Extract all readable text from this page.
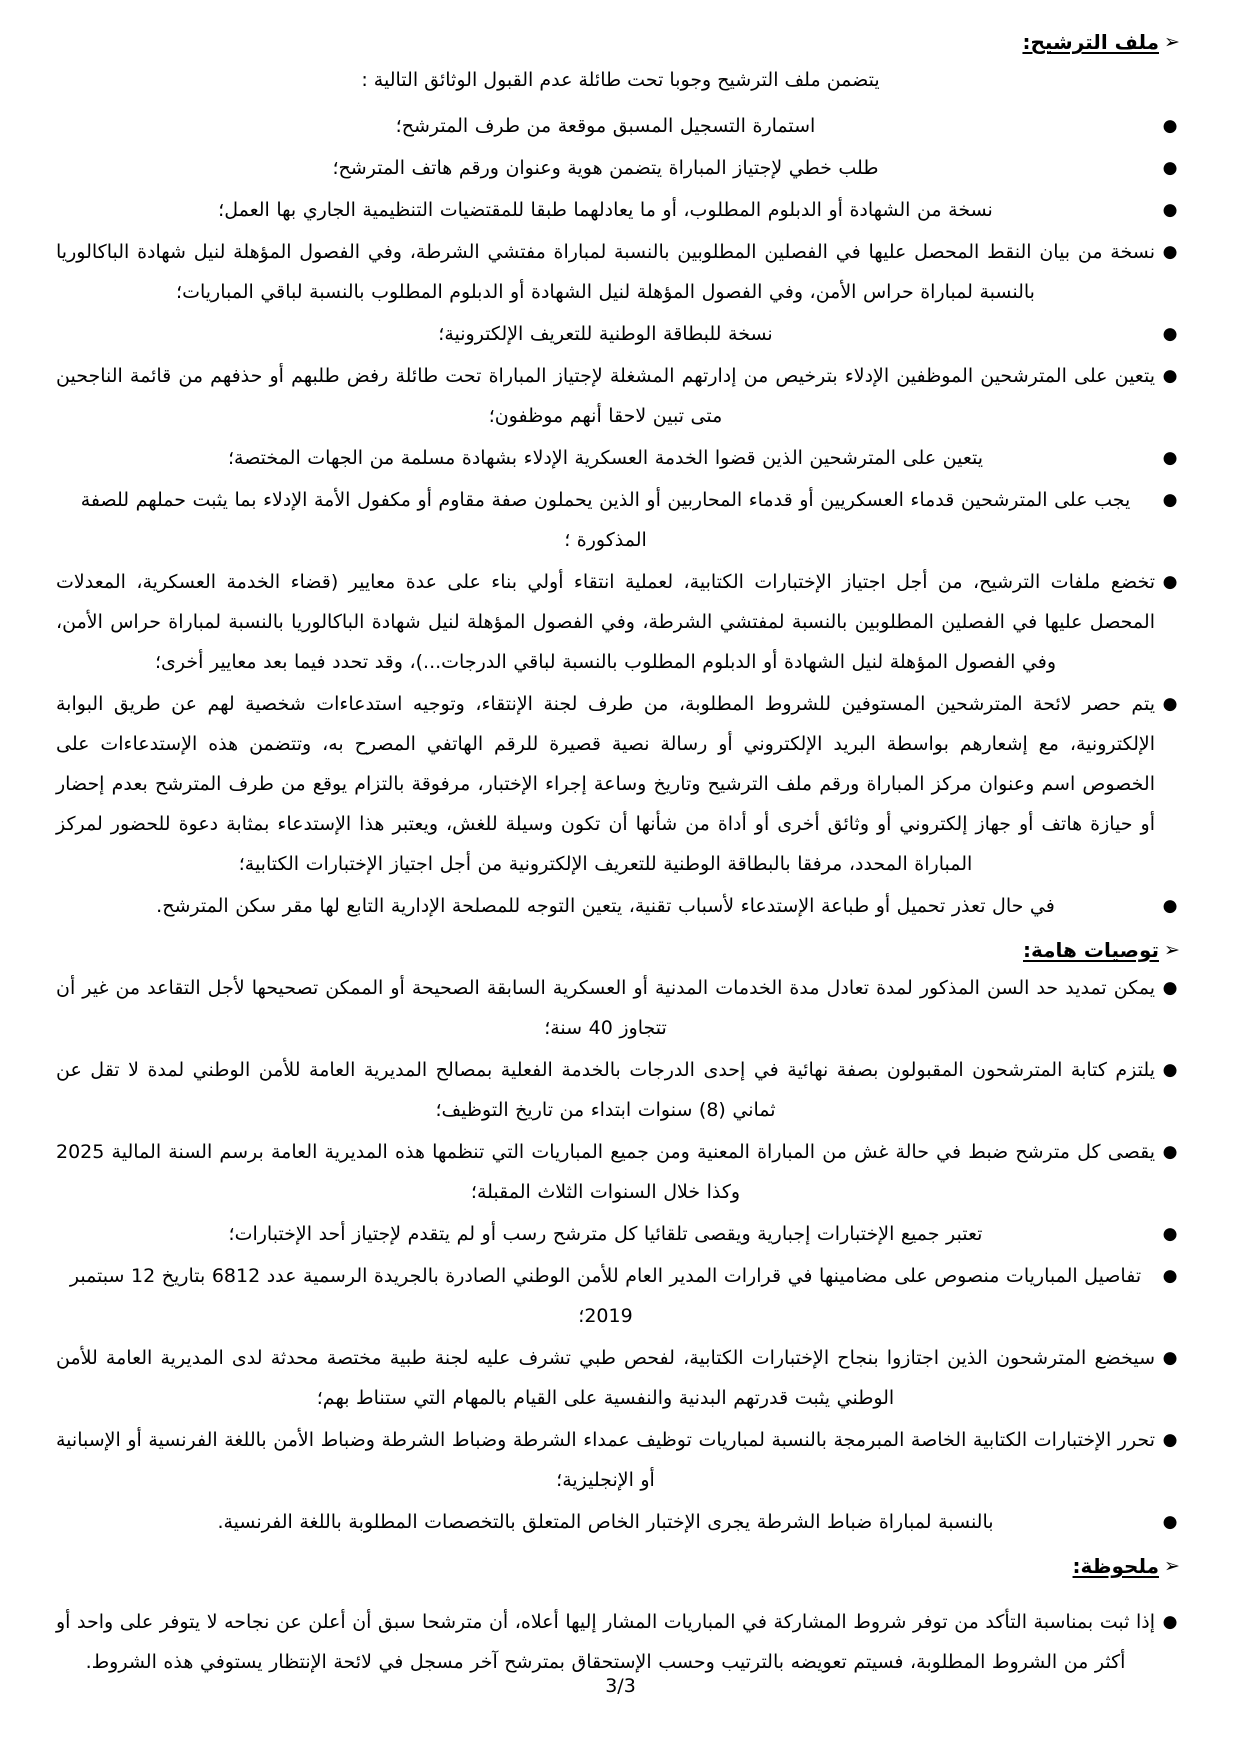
➢
ملف الترشيح:
يتضمن ملف الترشيح وجوبا تحت طائلة عدم القبول الوثائق التالية :
●
استمارة التسجيل المسبق موقعة من طرف المترشح؛
●
طلب خطي لإجتياز المباراة يتضمن هوية وعنوان ورقم هاتف المترشح؛
●
نسخة من الشهادة أو الدبلوم المطلوب، أو ما يعادلهما طبقا للمقتضيات التنظيمية الجاري بها العمل؛
●
نسخة من بيان النقط المحصل عليها في الفصلين المطلوبين بالنسبة لمباراة مفتشي الشرطة، وفي الفصول المؤهلة لنيل شهادة الباكالوريا بالنسبة لمباراة حراس الأمن، وفي الفصول المؤهلة لنيل الشهادة أو الدبلوم المطلوب بالنسبة لباقي المباريات؛
●
نسخة للبطاقة الوطنية للتعريف الإلكترونية؛
●
يتعين على المترشحين الموظفين الإدلاء بترخيص من إدارتهم المشغلة لإجتياز المباراة تحت طائلة رفض طلبهم أو حذفهم من قائمة الناجحين متى تبين لاحقا أنهم موظفون؛
●
يتعين على المترشحين الذين قضوا الخدمة العسكرية الإدلاء بشهادة مسلمة من الجهات المختصة؛
●
يجب على المترشحين قدماء العسكريين أو قدماء المحاربين أو الذين يحملون صفة مقاوم أو مكفول الأمة الإدلاء بما يثبت حملهم للصفة المذكورة ؛
●
تخضع ملفات الترشيح، من أجل اجتياز الإختبارات الكتابية، لعملية انتقاء أولي بناء على عدة معايير (قضاء الخدمة العسكرية، المعدلات المحصل عليها في الفصلين المطلوبين بالنسبة لمفتشي الشرطة، وفي الفصول المؤهلة لنيل شهادة الباكالوريا بالنسبة لمباراة حراس الأمن، وفي الفصول المؤهلة لنيل الشهادة أو الدبلوم المطلوب بالنسبة لباقي الدرجات...)، وقد تحدد فيما بعد معايير أخرى؛
●
يتم حصر لائحة المترشحين المستوفين للشروط المطلوبة، من طرف لجنة الإنتقاء، وتوجيه استدعاءات شخصية لهم عن طريق البوابة الإلكترونية، مع إشعارهم بواسطة البريد الإلكتروني أو رسالة نصية قصيرة للرقم الهاتفي المصرح به، وتتضمن هذه الإستدعاءات على الخصوص اسم وعنوان مركز المباراة ورقم ملف الترشيح وتاريخ وساعة إجراء الإختبار، مرفوقة بالتزام يوقع من طرف المترشح بعدم إحضار أو حيازة هاتف أو جهاز إلكتروني أو وثائق أخرى أو أداة من شأنها أن تكون وسيلة للغش، ويعتبر هذا الإستدعاء بمثابة دعوة للحضور لمركز المباراة المحدد، مرفقا بالبطاقة الوطنية للتعريف الإلكترونية من أجل اجتياز الإختبارات الكتابية؛
●
في حال تعذر تحميل أو طباعة الإستدعاء لأسباب تقنية، يتعين التوجه للمصلحة الإدارية التابع لها مقر سكن المترشح.
➢
توصيات هامة:
●
يمكن تمديد حد السن المذكور لمدة تعادل مدة الخدمات المدنية أو العسكرية السابقة الصحيحة أو الممكن تصحيحها لأجل التقاعد من غير أن تتجاوز 40 سنة؛
●
يلتزم كتابة المترشحون المقبولون بصفة نهائية في إحدى الدرجات بالخدمة الفعلية بمصالح المديرية العامة للأمن الوطني لمدة لا تقل عن ثماني (8) سنوات ابتداء من تاريخ التوظيف؛
●
يقصى كل مترشح ضبط في حالة غش من المباراة المعنية ومن جميع المباريات التي تنظمها هذه المديرية العامة برسم السنة المالية 2025 وكذا خلال السنوات الثلاث المقبلة؛
●
تعتبر جميع الإختبارات إجبارية ويقصى تلقائيا كل مترشح رسب أو لم يتقدم لإجتياز أحد الإختبارات؛
●
تفاصيل المباريات منصوص على مضامينها في قرارات المدير العام للأمن الوطني الصادرة بالجريدة الرسمية عدد 6812 بتاريخ 12 سبتمبر 2019؛
●
سيخضع المترشحون الذين اجتازوا بنجاح الإختبارات الكتابية، لفحص طبي تشرف عليه لجنة طبية مختصة محدثة لدى المديرية العامة للأمن الوطني يثبت قدرتهم البدنية والنفسية على القيام بالمهام التي ستناط بهم؛
●
تحرر الإختبارات الكتابية الخاصة المبرمجة بالنسبة لمباريات توظيف عمداء الشرطة وضباط الشرطة وضباط الأمن باللغة الفرنسية أو الإسبانية أو الإنجليزية؛
●
بالنسبة لمباراة ضباط الشرطة يجرى الإختبار الخاص المتعلق بالتخصصات المطلوبة باللغة الفرنسية.
➢
ملحوظة:
●
إذا ثبت بمناسبة التأكد من توفر شروط المشاركة في المباريات المشار إليها أعلاه، أن مترشحا سبق أن أعلن عن نجاحه لا يتوفر على واحد أو أكثر من الشروط المطلوبة، فسيتم تعويضه بالترتيب وحسب الإستحقاق بمترشح آخر مسجل في لائحة الإنتظار يستوفي هذه الشروط.
3/3
